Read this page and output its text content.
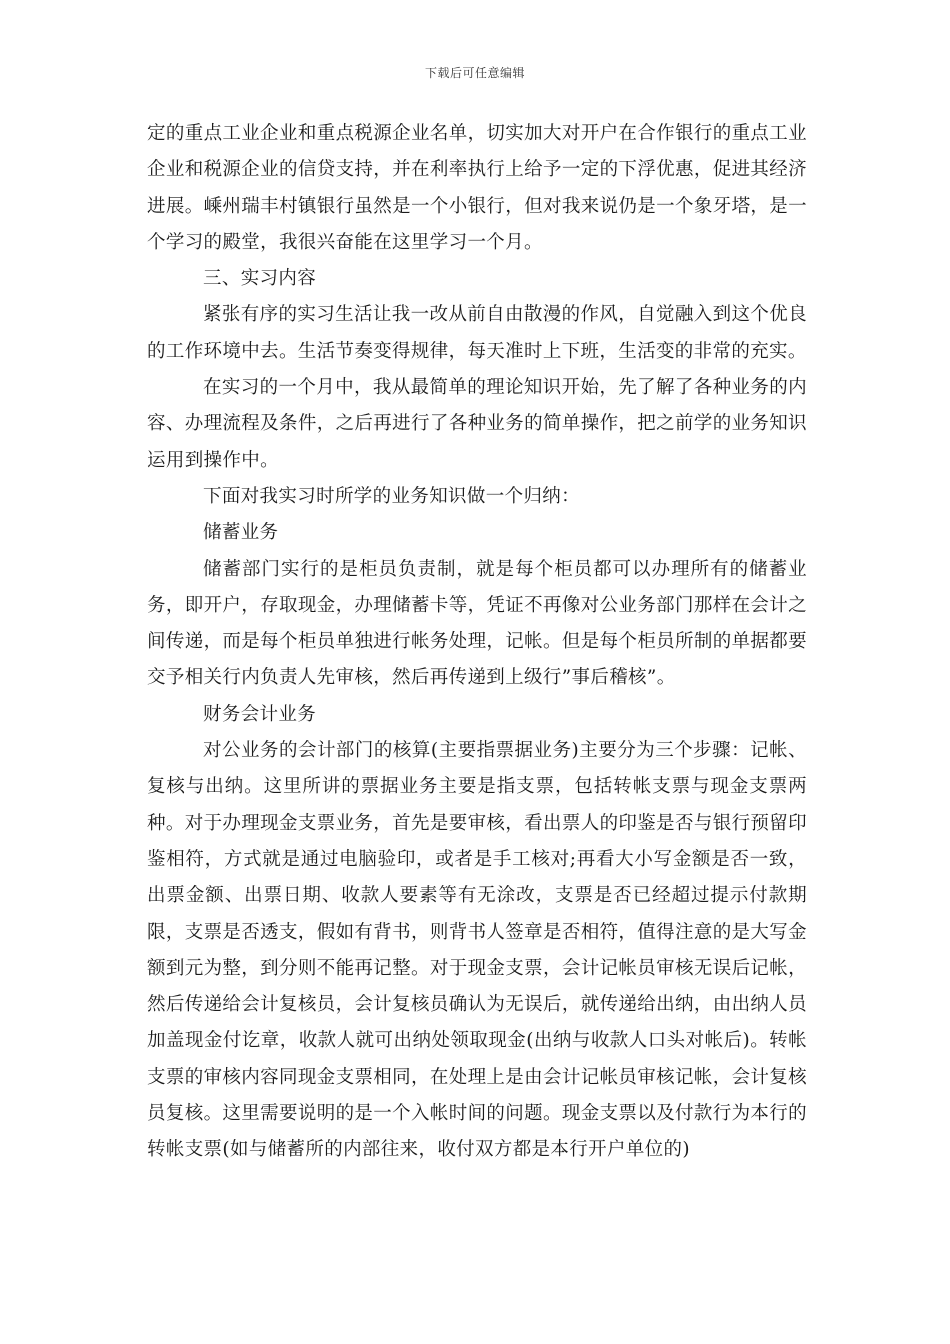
下载后可任意编辑

定的重点工业企业和重点税源企业名单，切实加大对开户在合作银行的重点工业企业和税源企业的信贷支持，并在利率执行上给予一定的下浮优惠，促进其经济进展。嵊州瑞丰村镇银行虽然是一个小银行，但对我来说仍是一个象牙塔，是一个学习的殿堂，我很兴奋能在这里学习一个月。

三、实习内容

紧张有序的实习生活让我一改从前自由散漫的作风，自觉融入到这个优良的工作环境中去。生活节奏变得规律，每天准时上下班，生活变的非常的充实。

在实习的一个月中，我从最简单的理论知识开始，先了解了各种业务的内容、办理流程及条件，之后再进行了各种业务的简单操作，把之前学的业务知识运用到操作中。

下面对我实习时所学的业务知识做一个归纳：

储蓄业务

储蓄部门实行的是柜员负责制，就是每个柜员都可以办理所有的储蓄业务，即开户，存取现金，办理储蓄卡等，凭证不再像对公业务部门那样在会计之间传递，而是每个柜员单独进行帐务处理，记帐。但是每个柜员所制的单据都要交予相关行内负责人先审核，然后再传递到上级行”事后稽核”。

财务会计业务

对公业务的会计部门的核算(主要指票据业务)主要分为三个步骤：记帐、复核与出纳。这里所讲的票据业务主要是指支票，包括转帐支票与现金支票两种。对于办理现金支票业务，首先是要审核，看出票人的印鉴是否与银行预留印鉴相符，方式就是通过电脑验印，或者是手工核对;再看大小写金额是否一致，出票金额、出票日期、收款人要素等有无涂改，支票是否已经超过提示付款期限，支票是否透支，假如有背书，则背书人签章是否相符，值得注意的是大写金额到元为整，到分则不能再记整。对于现金支票，会计记帐员审核无误后记帐，然后传递给会计复核员，会计复核员确认为无误后，就传递给出纳，由出纳人员加盖现金付讫章，收款人就可出纳处领取现金(出纳与收款人口头对帐后)。转帐支票的审核内容同现金支票相同，在处理上是由会计记帐员审核记帐，会计复核员复核。这里需要说明的是一个入帐时间的问题。现金支票以及付款行为本行的转帐支票(如与储蓄所的内部往来，收付双方都是本行开户单位的)
